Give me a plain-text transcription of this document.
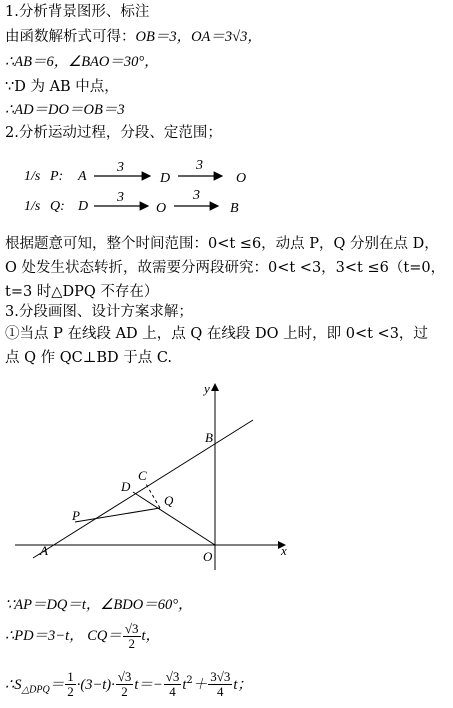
1.分析背景图形、标注
由函数解析式可得：OB＝3，OA＝3√3，
∴AB＝6，∠BAO＝30°，
∵D 为 AB 中点，
∴AD＝DO＝OB＝3
2.分析运动过程，分段、定范围；
1/s P: A
3
D
3
O
1/s Q: D
3
O
3
B
根据题意可知，整个时间范围：0<t ≤6，动点 P，Q 分别在点 D，
O 处发生状态转折，故需要分两段研究：0<t <3，3<t ≤6（t=0，
t=3 时△DPQ 不存在）
3.分段画图、设计方案求解；
①当点 P 在线段 AD 上，点 Q 在线段 DO 上时，即 0<t <3，过
点 Q 作 QC⊥BD 于点 C.
x
y
A
B
C
D
P
Q
O
∵AP＝DQ＝t，∠BDO＝60°，
∴PD＝3−t， $CQ= \frac{√3}{2}$ t，
$\therefore S_{\triangle DPQ}= \frac{1}{2} \cdot(3-t)\cdot \frac{√3}{2} t=- \frac{√3}{4} t^2+ \frac{3√3}{4}$ t；
